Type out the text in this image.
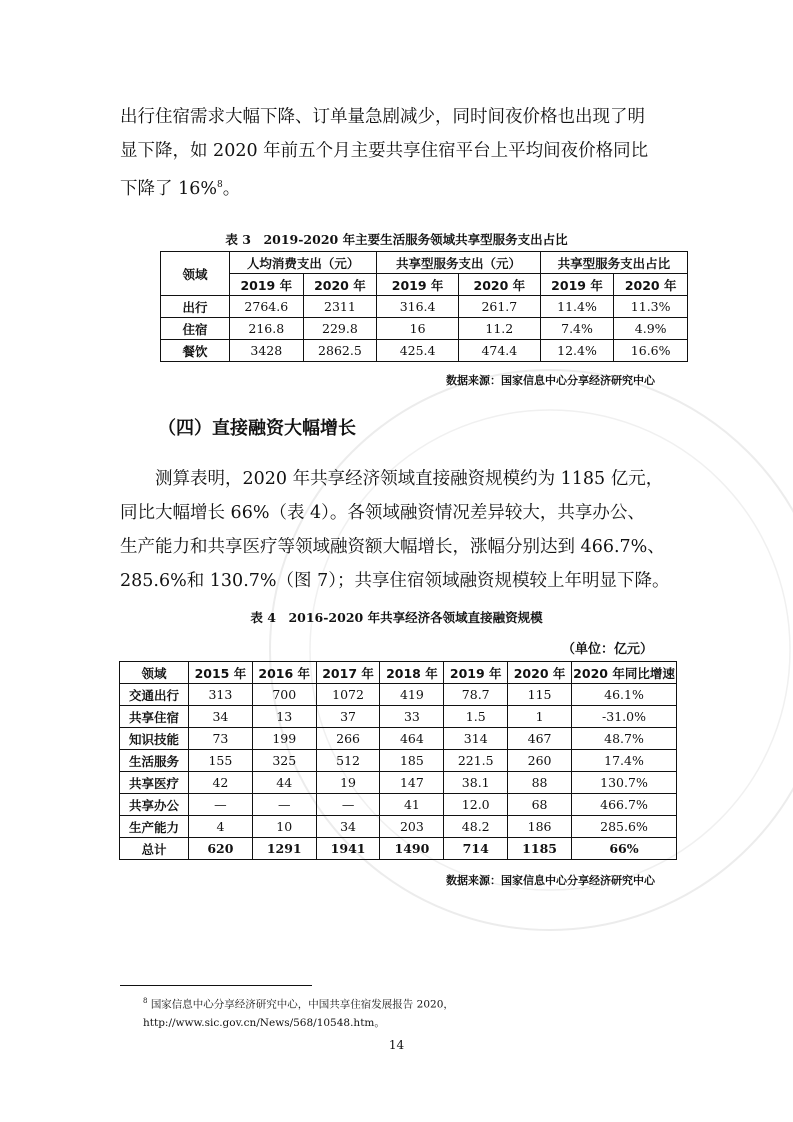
出行住宿需求大幅下降、订单量急剧减少，同时间夜价格也出现了明
显下降，如 2020 年前五个月主要共享住宿平台上平均间夜价格同比
下降了 16%$^8$。

表 3　2019-2020 年主要生活服务领域共享型服务支出占比
领域	人均消费支出（元）		共享型服务支出（元）		共享型服务支出占比	
	2019 年	2020 年	2019 年	2020 年	2019 年	2020 年
出行	2764.6	2311	316.4	261.7	11.4%	11.3%
住宿	216.8	229.8	16	11.2	7.4%	4.9%
餐饮	3428	2862.5	425.4	474.4	12.4%	16.6%
数据来源：国家信息中心分享经济研究中心
（四）直接融资大幅增长

测算表明，2020 年共享经济领域直接融资规模约为 1185 亿元，
同比大幅增长 66%（表 4）。各领域融资情况差异较大，共享办公、
生产能力和共享医疗等领域融资额大幅增长，涨幅分别达到 466.7%、
285.6%和 130.7%（图 7）；共享住宿领域融资规模较上年明显下降。

表 4　2016-2020 年共享经济各领域直接融资规模
（单位：亿元）
领域	2015 年	2016 年	2017 年	2018 年	2019 年	2020 年	2020 年同比增速
交通出行	313	700	1072	419	78.7	115	46.1%
共享住宿	34	13	37	33	1.5	1	-31.0%
知识技能	73	199	266	464	314	467	48.7%
生活服务	155	325	512	185	221.5	260	17.4%
共享医疗	42	44	19	147	38.1	88	130.7%
共享办公	—	—	—	41	12.0	68	466.7%
生产能力	4	10	34	203	48.2	186	285.6%
总计	620	1291	1941	1490	714	1185	66%
数据来源：国家信息中心分享经济研究中心
$^8$ 国家信息中心分享经济研究中心，中国共享住宿发展报告 2020，
http://www.sic.gov.cn/News/568/10548.htm。
14
